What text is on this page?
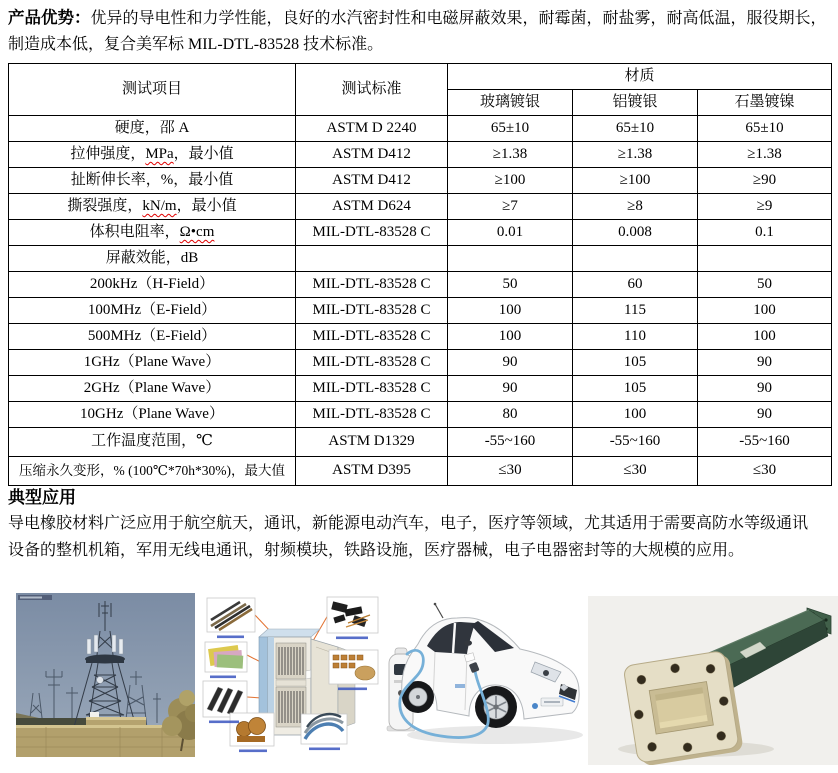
产品优势：优异的导电性和力学性能，良好的水汽密封性和电磁屏蔽效果，耐霉菌，耐盐雾，耐高低温，服役期长，
制造成本低，复合美军标 MIL-DTL-83528 技术标准。
测试项目	测试标准	材质		
		玻璃镀银	铝镀银	石墨镀镍
硬度，邵 A	ASTM D 2240	65±10	65±10	65±10
拉伸强度，MPa，最小值	ASTM D412	≥1.38	≥1.38	≥1.38
扯断伸长率，%，最小值	ASTM D412	≥100	≥100	≥90
撕裂强度，kN/m，最小值	ASTM D624	≥7	≥8	≥9
体积电阻率，Ω•cm	MIL-DTL-83528 C	0.01	0.008	0.1
屏蔽效能，dB				
200kHz（H-Field）	MIL-DTL-83528 C	50	60	50
100MHz（E-Field）	MIL-DTL-83528 C	100	115	100
500MHz（E-Field）	MIL-DTL-83528 C	100	110	100
1GHz（Plane Wave）	MIL-DTL-83528 C	90	105	90
2GHz（Plane Wave）	MIL-DTL-83528 C	90	105	90
10GHz（Plane Wave）	MIL-DTL-83528 C	80	100	90
工作温度范围，℃	ASTM D1329	-55~160	-55~160	-55~160
压缩永久变形，% (100℃*70h*30%)，最大值	ASTM D395	≤30	≤30	≤30
典型应用

导电橡胶材料广泛应用于航空航天，通讯，新能源电动汽车，电子，医疗等领域，尤其适用于需要高防水等级通讯
设备的整机机箱，军用无线电通讯，射频模块，铁路设施，医疗器械，电子电器密封等的大规模的应用。
